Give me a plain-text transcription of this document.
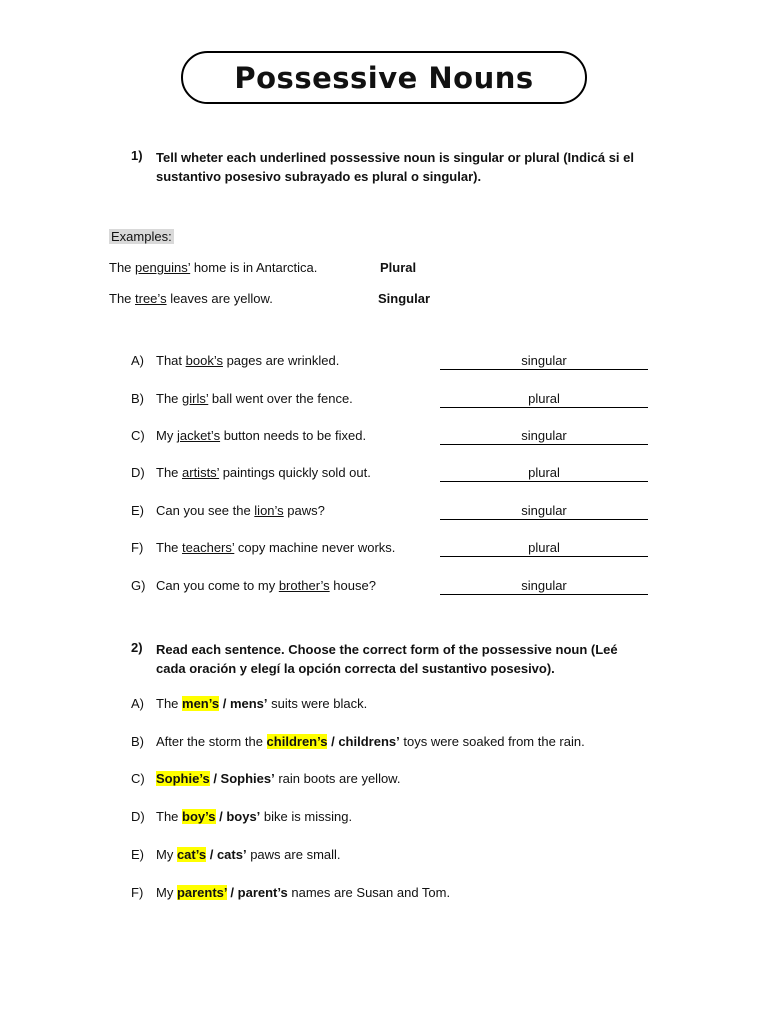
Possessive Nouns
1) Tell wheter each underlined possessive noun is singular or plural (Indicá si el sustantivo posesivo subrayado es plural o singular).
Examples:
The penguins’ home is in Antarctica.	Plural
The tree’s leaves are yellow.	Singular
A) That book’s pages are wrinkled.	singular
B) The girls’ ball went over the fence.	plural
C) My jacket’s button needs to be fixed.	singular
D) The artists’ paintings quickly sold out.	plural
E) Can you see the lion’s paws?	singular
F) The teachers’ copy machine never works.	plural
G) Can you come to my brother’s house?	singular
2) Read each sentence. Choose the correct form of the possessive noun (Leé cada oración y elegí la opción correcta del sustantivo posesivo).
A) The men’s / mens’ suits were black.
B) After the storm the children’s / childrens’ toys were soaked from the rain.
C) Sophie’s / Sophies’ rain boots are yellow.
D) The boy’s / boys’ bike is missing.
E) My cat’s / cats’ paws are small.
F) My parents’ / parent’s names are Susan and Tom.
